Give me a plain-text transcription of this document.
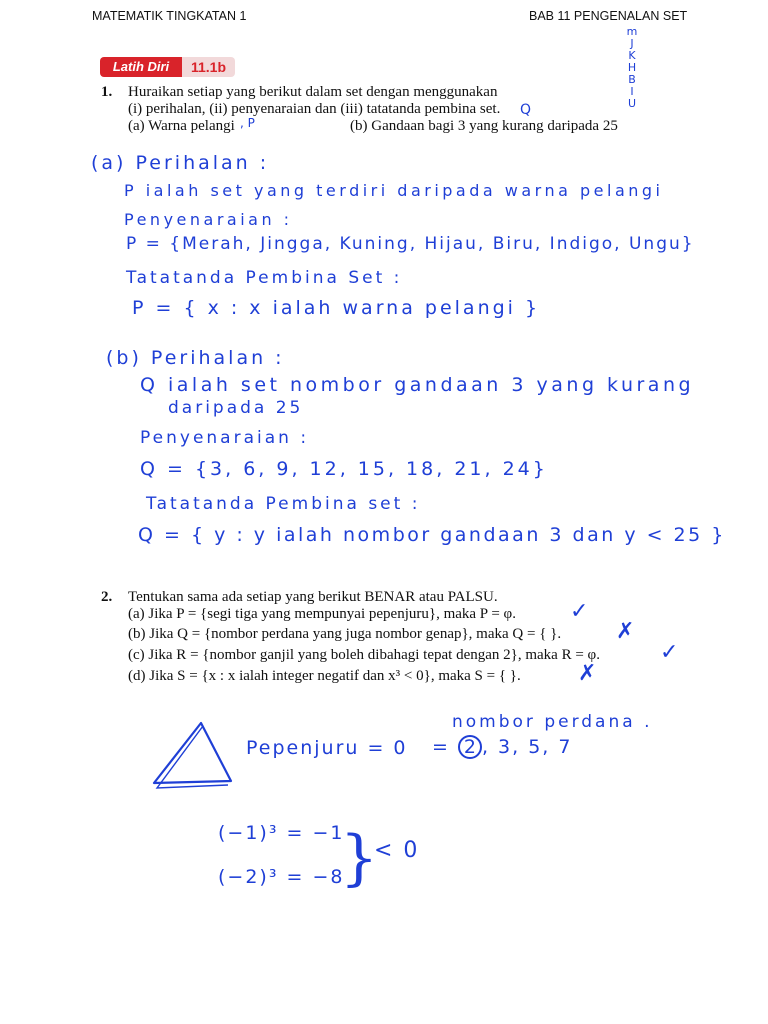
MATEMATIK TINGKATAN 1	BAB 11 PENGENALAN SET
m
J
K
H
B
I
U
Latih Diri	11.1b
1. Huraikan setiap yang berikut dalam set dengan menggunakan
(i) perihalan, (ii) penyenaraian dan (iii) tatatanda pembina set.
(a) Warna pelangi , P	(b) Gandaan bagi 3 yang kurang daripada 25
Q
(a) Perihalan :
P ialah set yang terdiri daripada warna pelangi
Penyenaraian :
P = {Merah, Jingga, Kuning, Hijau, Biru, Indigo, Ungu}
Tatatanda Pembina Set :
P = { x : x ialah warna pelangi }
(b) Perihalan :
Q ialah set nombor gandaan 3 yang kurang
daripada 25
Penyenaraian :
Q = {3, 6, 9, 12, 15, 18, 21, 24}
Tatatanda Pembina set :
Q = { y : y ialah nombor gandaan 3 dan y < 25 }
2. Tentukan sama ada setiap yang berikut BENAR atau PALSU.
(a) Jika P = {segi tiga yang mempunyai pepenjuru}, maka P = φ. ✓
(b) Jika Q = {nombor perdana yang juga nombor genap}, maka Q = { }. ✗
(c) Jika R = {nombor ganjil yang boleh dibahagi tepat dengan 2}, maka R = φ.	✓
(d) Jika S = {x : x ialah integer negatif dan x³ < 0}, maka S = { }.	✗
Pepenjuru = 0
nombor perdana .
= 2 , 3, 5, 7
(−1)³ = −1
(−2)³ = −8
}
< 0
